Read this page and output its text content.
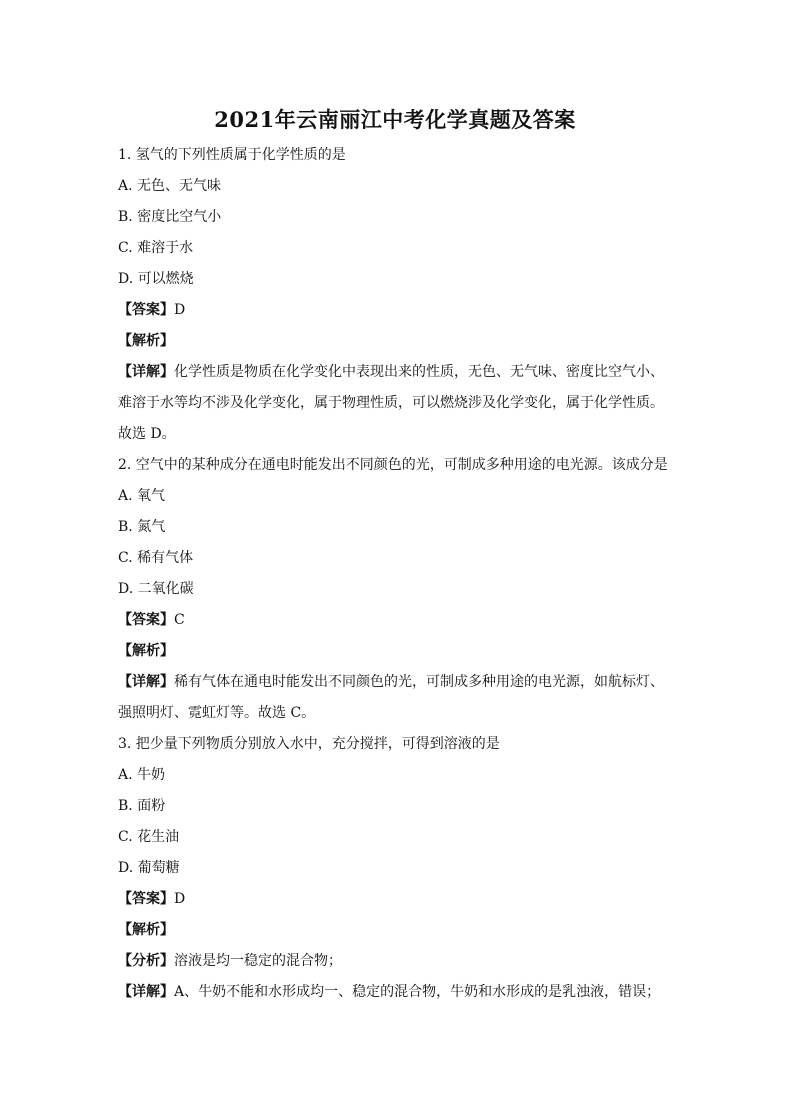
2021年云南丽江中考化学真题及答案
1. 氢气的下列性质属于化学性质的是
A. 无色、无气味
B. 密度比空气小
C. 难溶于水
D. 可以燃烧
【答案】D
【解析】
【详解】化学性质是物质在化学变化中表现出来的性质，无色、无气味、密度比空气小、
难溶于水等均不涉及化学变化，属于物理性质，可以燃烧涉及化学变化，属于化学性质。
故选 D。
2. 空气中的某种成分在通电时能发出不同颜色的光，可制成多种用途的电光源。该成分是
A. 氧气
B. 氮气
C. 稀有气体
D. 二氧化碳
【答案】C
【解析】
【详解】稀有气体在通电时能发出不同颜色的光，可制成多种用途的电光源，如航标灯、
强照明灯、霓虹灯等。故选 C。
3. 把少量下列物质分别放入水中，充分搅拌，可得到溶液的是
A. 牛奶
B. 面粉
C. 花生油
D. 葡萄糖
【答案】D
【解析】
【分析】溶液是均一稳定的混合物；
【详解】A、牛奶不能和水形成均一、稳定的混合物，牛奶和水形成的是乳浊液，错误；
